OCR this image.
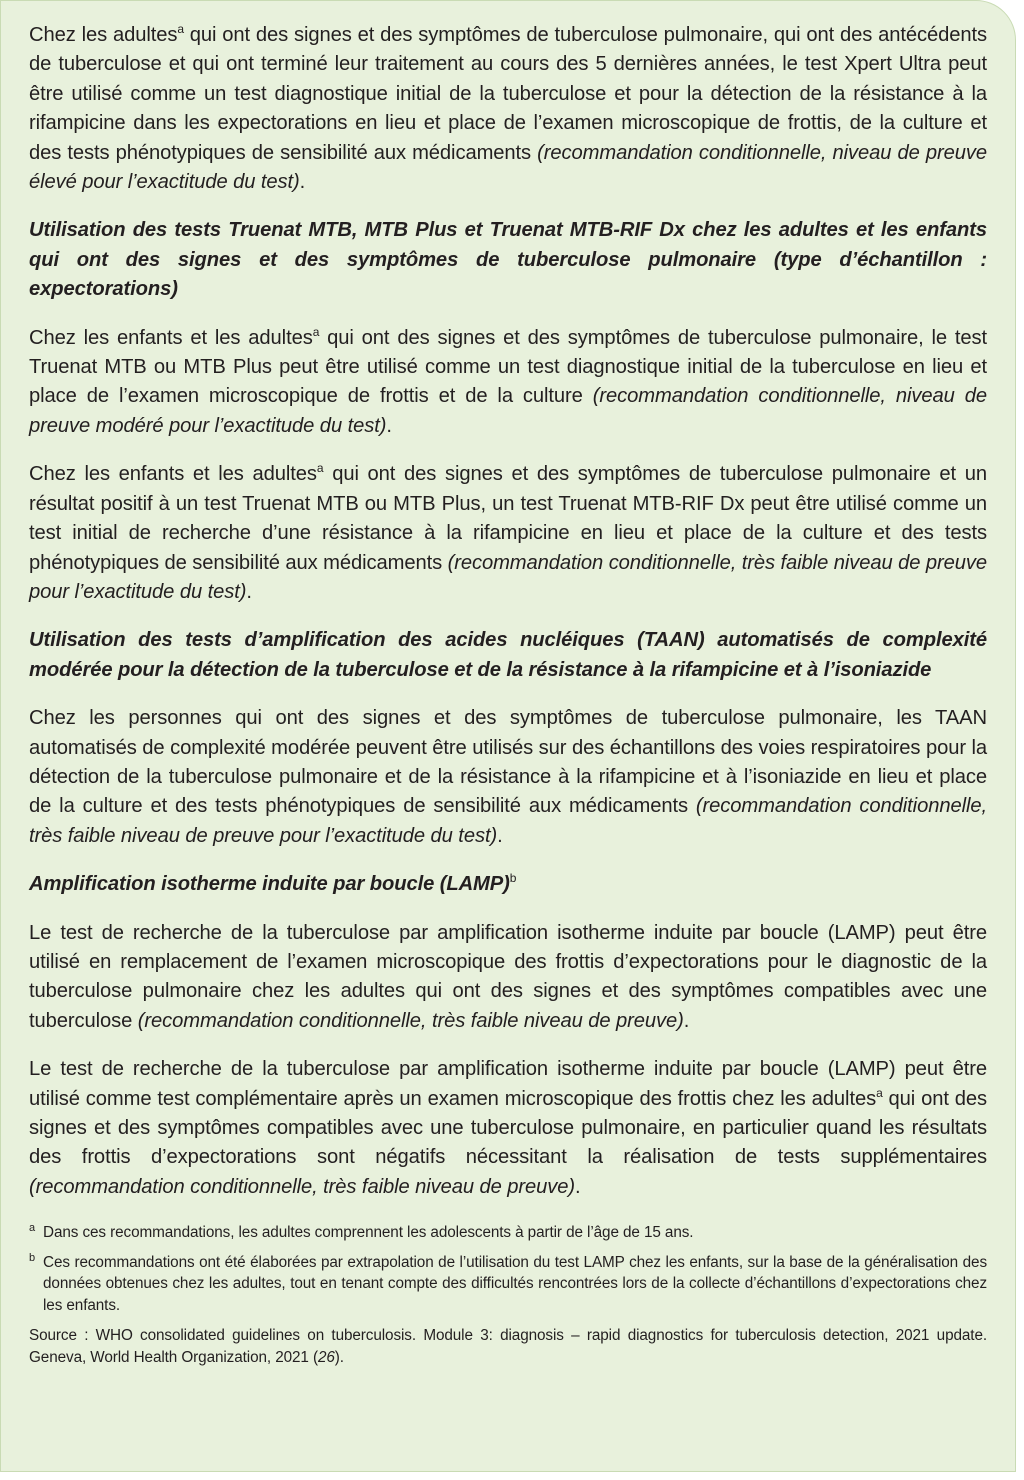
Chez les adultes$^a$ qui ont des signes et des symptômes de tuberculose pulmonaire, qui ont des antécédents de tuberculose et qui ont terminé leur traitement au cours des 5 dernières années, le test Xpert Ultra peut être utilisé comme un test diagnostique initial de la tuberculose et pour la détection de la résistance à la rifampicine dans les expectorations en lieu et place de l’examen microscopique de frottis, de la culture et des tests phénotypiques de sensibilité aux médicaments (recommandation conditionnelle, niveau de preuve élevé pour l’exactitude du test).

Utilisation des tests Truenat MTB, MTB Plus et Truenat MTB-RIF Dx chez les adultes et les enfants qui ont des signes et des symptômes de tuberculose pulmonaire (type d’échantillon : expectorations)

Chez les enfants et les adultes$^a$ qui ont des signes et des symptômes de tuberculose pulmonaire, le test Truenat MTB ou MTB Plus peut être utilisé comme un test diagnostique initial de la tuberculose en lieu et place de l’examen microscopique de frottis et de la culture (recommandation conditionnelle, niveau de preuve modéré pour l’exactitude du test).

Chez les enfants et les adultes$^a$ qui ont des signes et des symptômes de tuberculose pulmonaire et un résultat positif à un test Truenat MTB ou MTB Plus, un test Truenat MTB-RIF Dx peut être utilisé comme un test initial de recherche d’une résistance à la rifampicine en lieu et place de la culture et des tests phénotypiques de sensibilité aux médicaments (recommandation conditionnelle, très faible niveau de preuve pour l’exactitude du test).

Utilisation des tests d’amplification des acides nucléiques (TAAN) automatisés de complexité modérée pour la détection de la tuberculose et de la résistance à la rifampicine et à l’isoniazide

Chez les personnes qui ont des signes et des symptômes de tuberculose pulmonaire, les TAAN automatisés de complexité modérée peuvent être utilisés sur des échantillons des voies respiratoires pour la détection de la tuberculose pulmonaire et de la résistance à la rifampicine et à l’isoniazide en lieu et place de la culture et des tests phénotypiques de sensibilité aux médicaments (recommandation conditionnelle, très faible niveau de preuve pour l’exactitude du test).

Amplification isotherme induite par boucle (LAMP)$^b$

Le test de recherche de la tuberculose par amplification isotherme induite par boucle (LAMP) peut être utilisé en remplacement de l’examen microscopique des frottis d’expectorations pour le diagnostic de la tuberculose pulmonaire chez les adultes qui ont des signes et des symptômes compatibles avec une tuberculose (recommandation conditionnelle, très faible niveau de preuve).

Le test de recherche de la tuberculose par amplification isotherme induite par boucle (LAMP) peut être utilisé comme test complémentaire après un examen microscopique des frottis chez les adultes$^a$ qui ont des signes et des symptômes compatibles avec une tuberculose pulmonaire, en particulier quand les résultats des frottis d’expectorations sont négatifs nécessitant la réalisation de tests supplémentaires (recommandation conditionnelle, très faible niveau de preuve).

a Dans ces recommandations, les adultes comprennent les adolescents à partir de l’âge de 15 ans.

b Ces recommandations ont été élaborées par extrapolation de l’utilisation du test LAMP chez les enfants, sur la base de la généralisation des données obtenues chez les adultes, tout en tenant compte des difficultés rencontrées lors de la collecte d’échantillons d’expectorations chez les enfants.

Source : WHO consolidated guidelines on tuberculosis. Module 3: diagnosis – rapid diagnostics for tuberculosis detection, 2021 update. Geneva, World Health Organization, 2021 (26).
